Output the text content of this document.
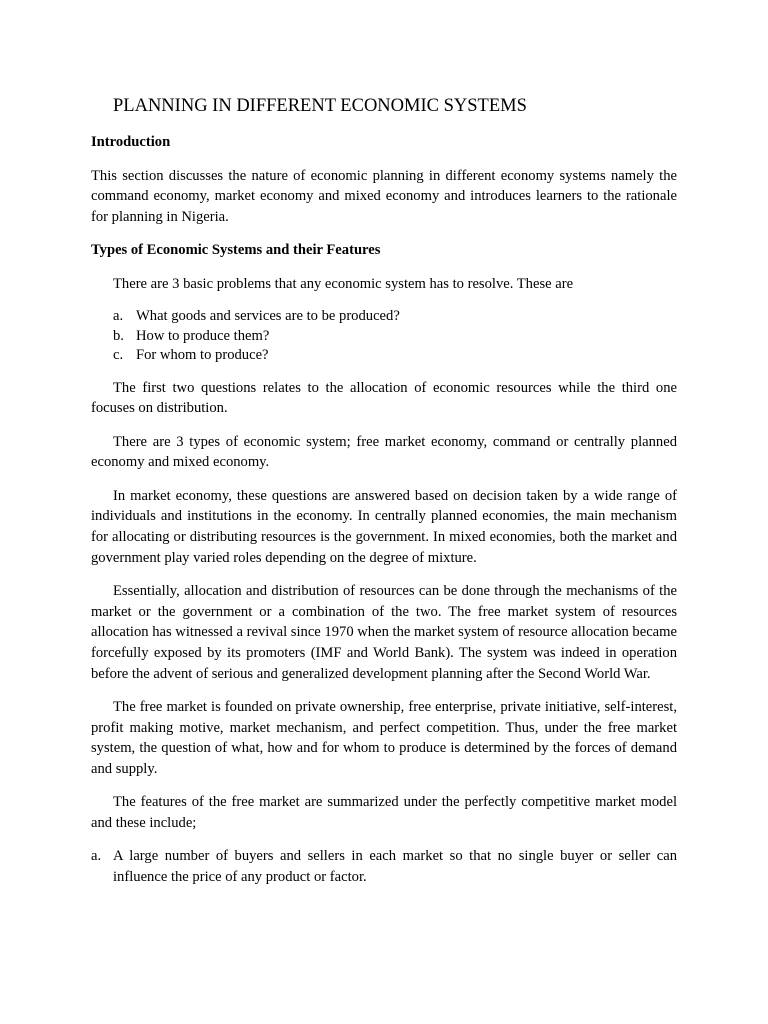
PLANNING IN DIFFERENT ECONOMIC SYSTEMS
Introduction

This section discusses the nature of economic planning in different economy systems namely the command economy, market economy and mixed economy and introduces learners to the rationale for planning in Nigeria.

Types of Economic Systems and their Features

There are 3 basic problems that any economic system has to resolve. These are

a. What goods and services are to be produced?
b. How to produce them?
c. For whom to produce?

The first two questions relates to the allocation of economic resources while the third one focuses on distribution.

There are 3 types of economic system; free market economy, command or centrally planned economy and mixed economy.

In market economy, these questions are answered based on decision taken by a wide range of individuals and institutions in the economy. In centrally planned economies, the main mechanism for allocating or distributing resources is the government. In mixed economies, both the market and government play varied roles depending on the degree of mixture.

Essentially, allocation and distribution of resources can be done through the mechanisms of the market or the government or a combination of the two. The free market system of resources allocation has witnessed a revival since 1970 when the market system of resource allocation became forcefully exposed by its promoters (IMF and World Bank). The system was indeed in operation before the advent of serious and generalized development planning after the Second World War.

The free market is founded on private ownership, free enterprise, private initiative, self-interest, profit making motive, market mechanism, and perfect competition. Thus, under the free market system, the question of what, how and for whom to produce is determined by the forces of demand and supply.

The features of the free market are summarized under the perfectly competitive market model and these include;

a. A large number of buyers and sellers in each market so that no single buyer or seller can influence the price of any product or factor.
